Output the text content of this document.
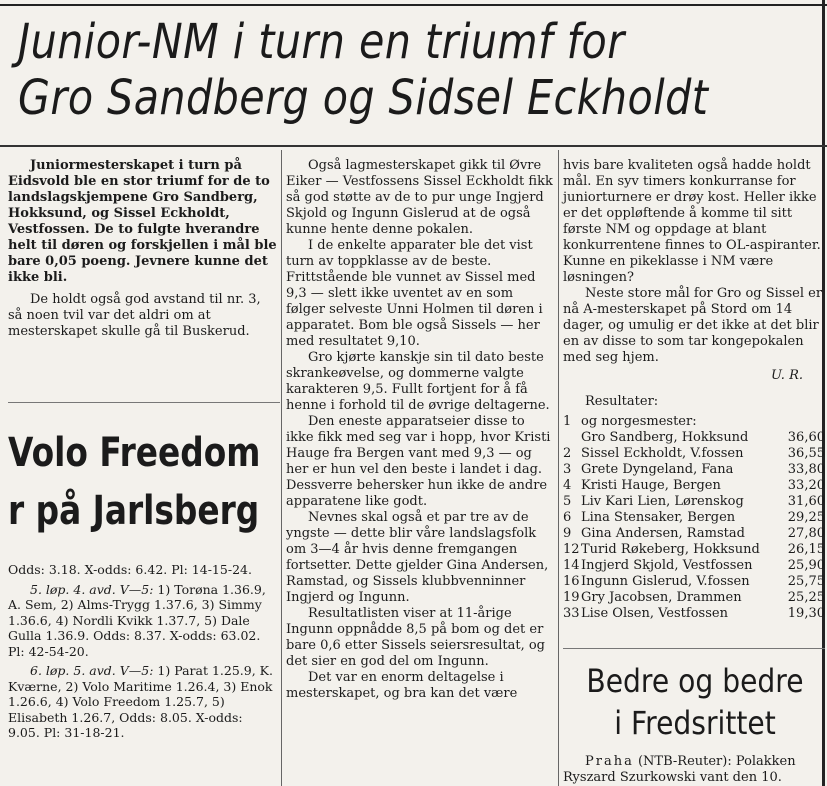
Junior-NM i turn en triumf for
Gro Sandberg og Sidsel Eckholdt

Juniormesterskapet i turn på Eidsvold ble en stor triumf for de to landslagskjempene Gro Sandberg, Hokksund, og Sissel Eckholdt, Vestfossen. De to fulgte hverandre helt til døren og forskjellen i mål ble bare 0,05 poeng. Jevnere kunne det ikke bli.

De holdt også god avstand til nr. 3, så noen tvil var det aldri om at mesterskapet skulle gå til Buskerud.

Volo Freedom
r på Jarlsberg

Odds: 3.18. X-odds: 6.42. Pl: 14-15-24.

5. løp. 4. avd. V—5: 1) Torøna 1.36.9, A. Sem, 2) Alms-Trygg 1.37.6, 3) Simmy 1.36.6, 4) Nordli Kvikk 1.37.7, 5) Dale Gulla 1.36.9. Odds: 8.37. X-odds: 63.02. Pl: 42-54-20.

6. løp. 5. avd. V—5: 1) Parat 1.25.9, K. Kværne, 2) Volo Maritime 1.26.4, 3) Enok 1.26.6, 4) Volo Freedom 1.25.7, 5) Elisabeth 1.26.7, Odds: 8.05. X-odds: 9.05. Pl: 31-18-21.

Også lagmesterskapet gikk til Øvre Eiker — Vestfossens Sissel Eckholdt fikk så god støtte av de to pur unge Ingjerd Skjold og Ingunn Gislerud at de også kunne hente denne pokalen.

I de enkelte apparater ble det vist turn av toppklasse av de beste. Frittstående ble vunnet av Sissel med 9,3 — slett ikke uventet av en som følger selveste Unni Holmen til døren i apparatet. Bom ble også Sissels — her med resultatet 9,10.

Gro kjørte kanskje sin til dato beste skrankeøvelse, og dommerne valgte karakteren 9,5. Fullt fortjent for å få henne i forhold til de øvrige deltagerne.

Den eneste apparatseier disse to ikke fikk med seg var i hopp, hvor Kristi Hauge fra Bergen vant med 9,3 — og her er hun vel den beste i landet i dag. Dessverre behersker hun ikke de andre apparatene like godt.

Nevnes skal også et par tre av de yngste — dette blir våre landslagsfolk om 3—4 år hvis denne fremgangen fortsetter. Dette gjelder Gina Andersen, Ramstad, og Sissels klubbvenninner Ingjerd og Ingunn.

Resultatlisten viser at 11-årige Ingunn oppnådde 8,5 på bom og det er bare 0,6 etter Sissels seiersresultat, og det sier en god del om Ingunn.

Det var en enorm deltagelse i mesterskapet, og bra kan det være

hvis bare kvaliteten også hadde holdt mål. En syv timers konkurranse for juniorturnere er drøy kost. Heller ikke er det oppløftende å komme til sitt første NM og oppdage at blant konkurrentene finnes to OL-aspiranter. Kunne en pikeklasse i NM være løsningen?

Neste store mål for Gro og Sissel er nå A-mesterskapet på Stord om 14 dager, og umulig er det ikke at det blir en av disse to som tar kongepokalen med seg hjem.

U. R.

Resultater:

1	og norgesmester:	
	Gro Sandberg, Hokksund	36,60
2	Sissel Eckholdt, V.fossen	36,55
3	Grete Dyngeland, Fana	33,80
4	Kristi Hauge, Bergen	33,20
5	Liv Kari Lien, Lørenskog	31,60
6	Lina Stensaker, Bergen	29,25
9	Gina Andersen, Ramstad	27,80
12	Turid Røkeberg, Hokksund	26,15
14	Ingjerd Skjold, Vestfossen	25,90
16	Ingunn Gislerud, V.fossen	25,75
19	Gry Jacobsen, Drammen	25,25
33	Lise Olsen, Vestfossen	19,30
Bedre og bedre
i Fredsrittet
Praha (NTB-Reuter): Polakken Ryszard Szurkowski vant den 10.
